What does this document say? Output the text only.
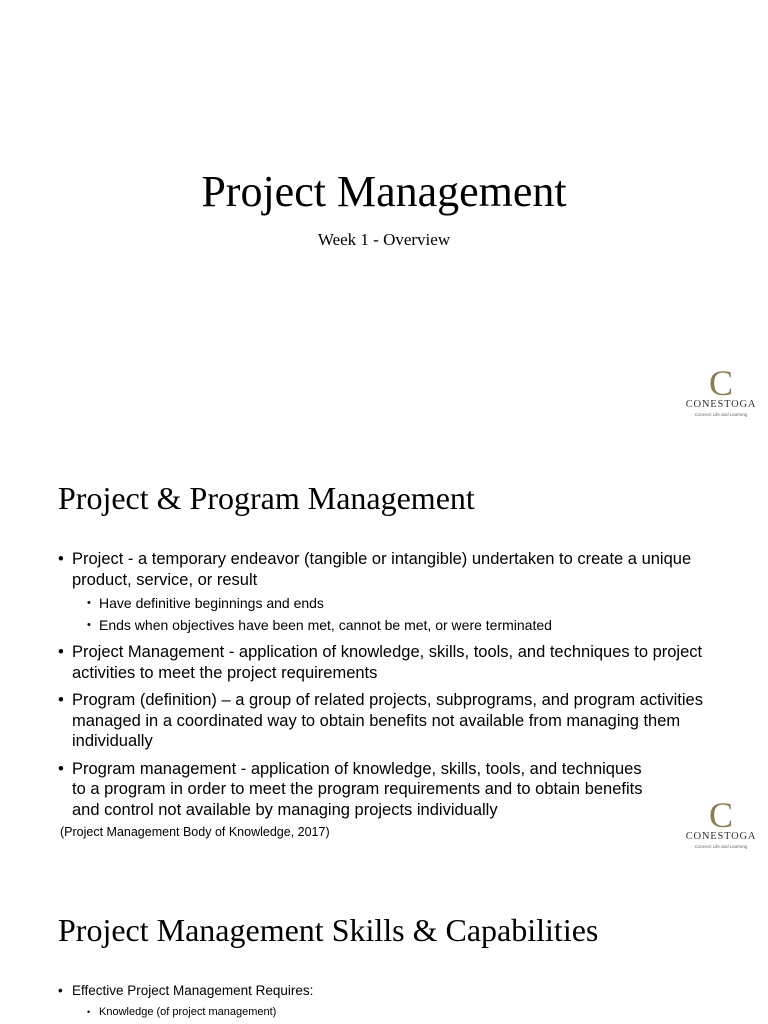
Project Management
Week 1 - Overview
C
CONESTOGA
Connect Life and Learning
Project & Program Management
• Project - a temporary endeavor (tangible or intangible) undertaken to create a unique product, service, or result
• Have definitive beginnings and ends
• Ends when objectives have been met, cannot be met, or were terminated
• Project Management - application of knowledge, skills, tools, and techniques to project activities to meet the project requirements
• Program (definition) – a group of related projects, subprograms, and program activities managed in a coordinated way to obtain benefits not available from managing them individually
• Program management - application of knowledge, skills, tools, and techniques
to a program in order to meet the program requirements and to obtain benefits
and control not available by managing projects individually
(Project Management Body of Knowledge, 2017)	C
CONESTOGA
Connect Life and Learning
Project Management Skills & Capabilities
• Effective Project Management Requires:
• Knowledge (of project management)
